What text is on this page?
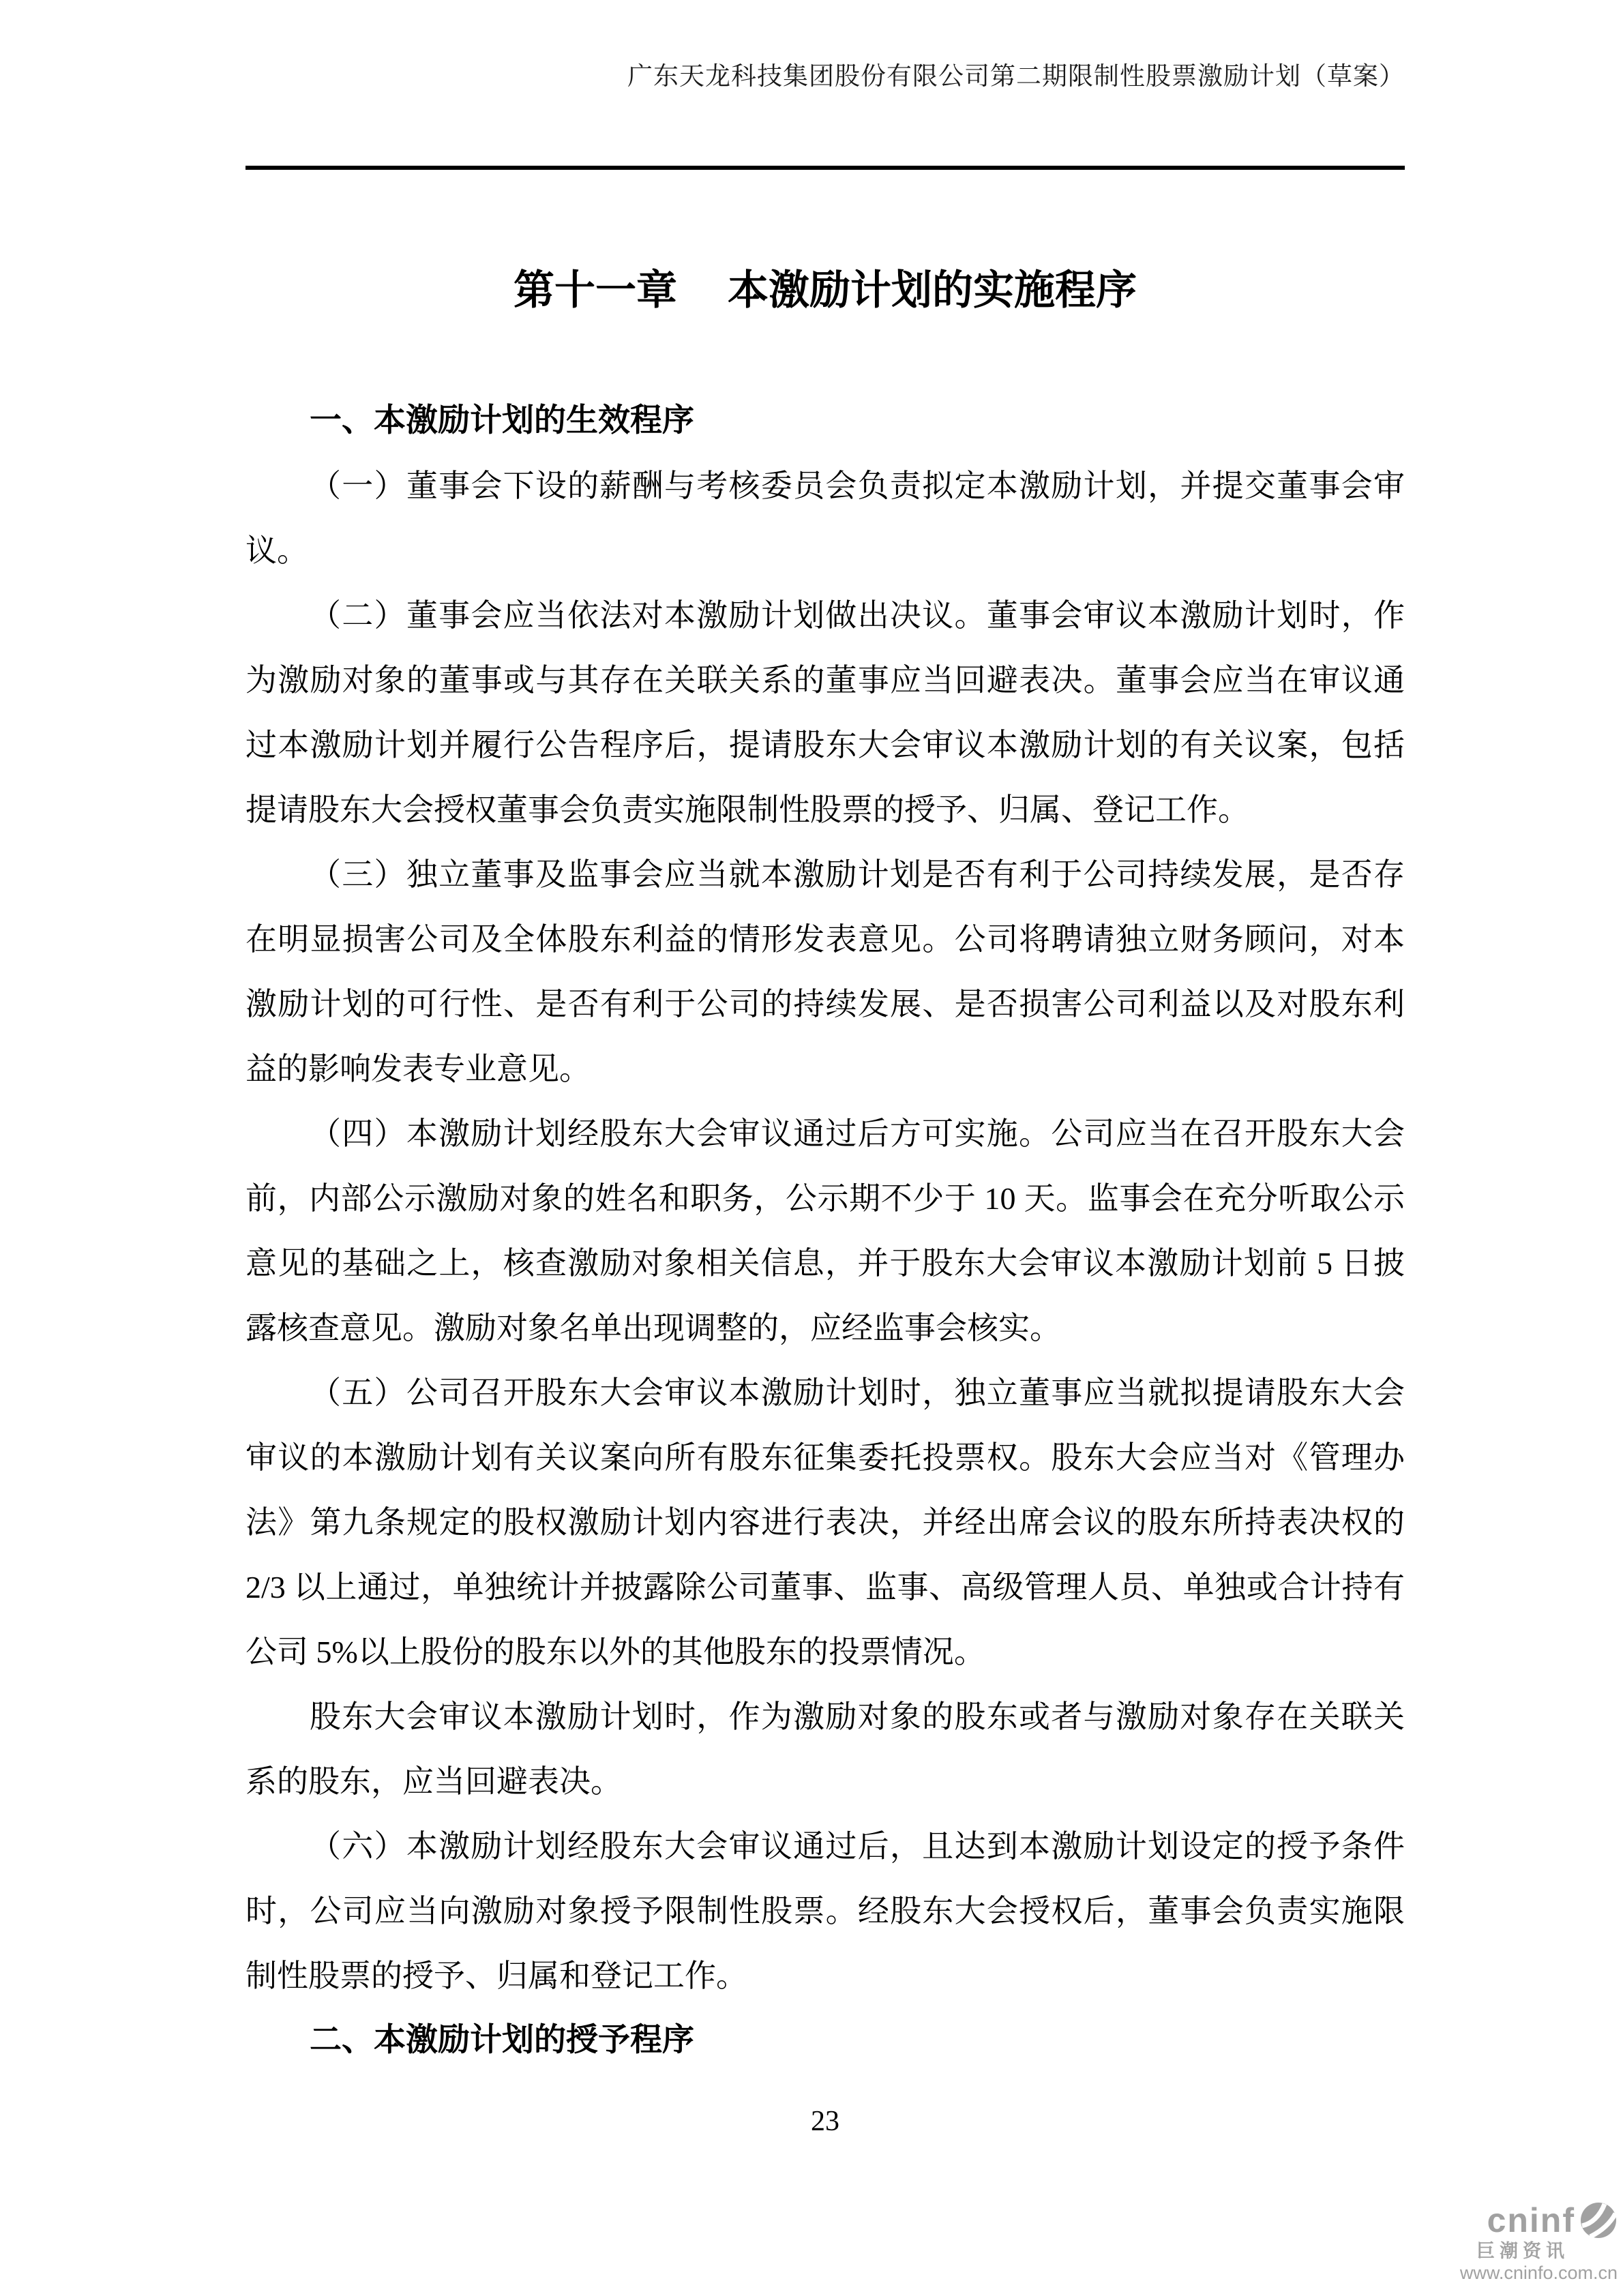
广东天龙科技集团股份有限公司第二期限制性股票激励计划（草案）
第十一章 本激励计划的实施程序

一、本激励计划的生效程序

（一）董事会下设的薪酬与考核委员会负责拟定本激励计划，并提交董事会审议。

（二）董事会应当依法对本激励计划做出决议。董事会审议本激励计划时，作为激励对象的董事或与其存在关联关系的董事应当回避表决。董事会应当在审议通过本激励计划并履行公告程序后，提请股东大会审议本激励计划的有关议案，包括提请股东大会授权董事会负责实施限制性股票的授予、归属、登记工作。

（三）独立董事及监事会应当就本激励计划是否有利于公司持续发展，是否存在明显损害公司及全体股东利益的情形发表意见。公司将聘请独立财务顾问，对本激励计划的可行性、是否有利于公司的持续发展、是否损害公司利益以及对股东利益的影响发表专业意见。

（四）本激励计划经股东大会审议通过后方可实施。公司应当在召开股东大会前，内部公示激励对象的姓名和职务，公示期不少于 10 天。监事会在充分听取公示意见的基础之上，核查激励对象相关信息，并于股东大会审议本激励计划前 5 日披露核查意见。激励对象名单出现调整的，应经监事会核实。

（五）公司召开股东大会审议本激励计划时，独立董事应当就拟提请股东大会审议的本激励计划有关议案向所有股东征集委托投票权。股东大会应当对《管理办法》第九条规定的股权激励计划内容进行表决，并经出席会议的股东所持表决权的 2/3 以上通过，单独统计并披露除公司董事、监事、高级管理人员、单独或合计持有公司 5%以上股份的股东以外的其他股东的投票情况。

股东大会审议本激励计划时，作为激励对象的股东或者与激励对象存在关联关系的股东，应当回避表决。

（六）本激励计划经股东大会审议通过后，且达到本激励计划设定的授予条件时，公司应当向激励对象授予限制性股票。经股东大会授权后，董事会负责实施限制性股票的授予、归属和登记工作。

二、本激励计划的授予程序

23
cninf
巨潮资讯
www.cninfo.com.cn
